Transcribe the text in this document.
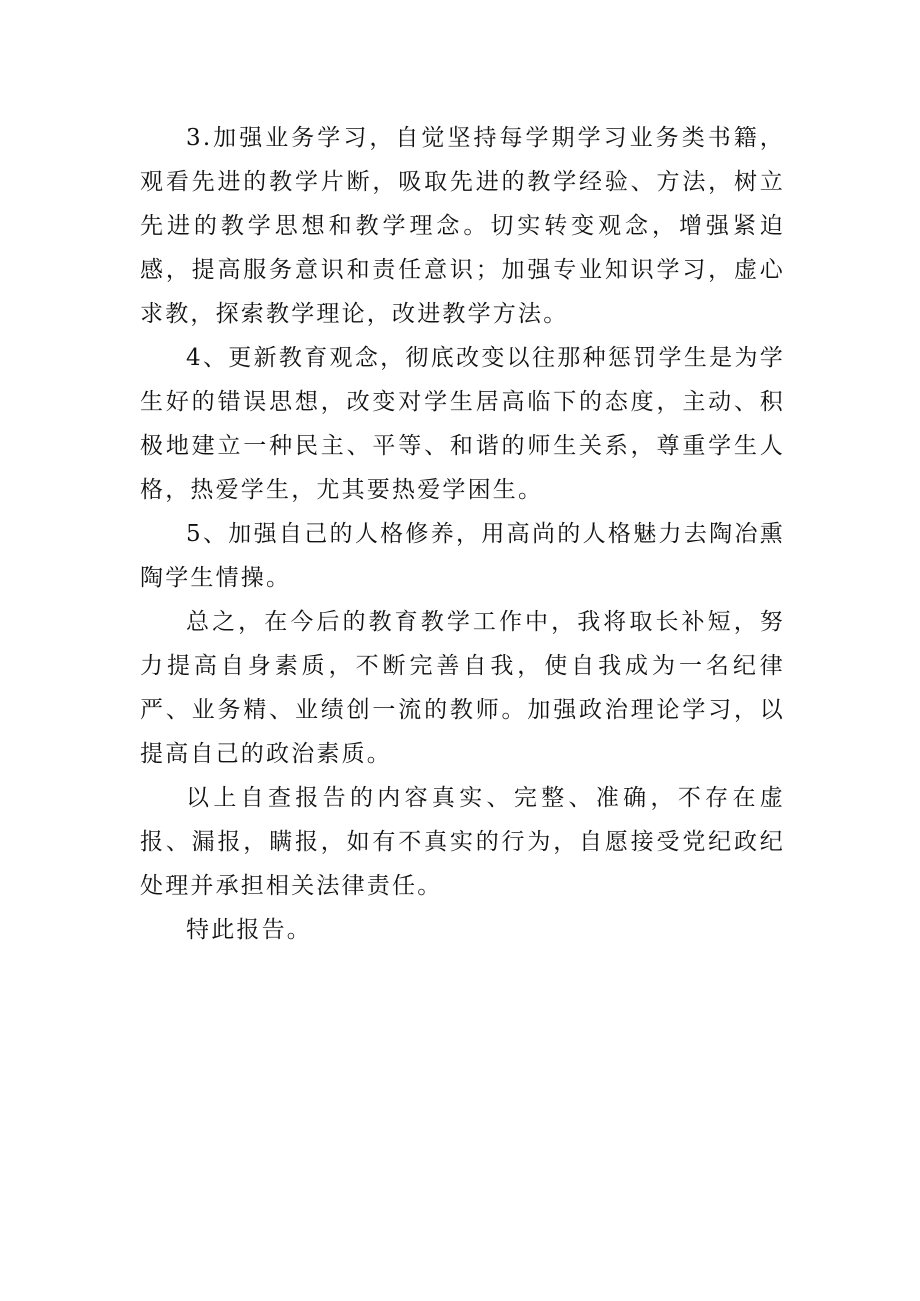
3.加强业务学习，自觉坚持每学期学习业务类书籍，观看先进的教学片断，吸取先进的教学经验、方法，树立先进的教学思想和教学理念。切实转变观念，增强紧迫感，提高服务意识和责任意识；加强专业知识学习，虚心求教，探索教学理论，改进教学方法。

4、更新教育观念，彻底改变以往那种惩罚学生是为学生好的错误思想，改变对学生居高临下的态度，主动、积极地建立一种民主、平等、和谐的师生关系，尊重学生人格，热爱学生，尤其要热爱学困生。

5、加强自己的人格修养，用高尚的人格魅力去陶冶熏陶学生情操。

总之，在今后的教育教学工作中，我将取长补短，努力提高自身素质，不断完善自我，使自我成为一名纪律严、业务精、业绩创一流的教师。加强政治理论学习，以提高自己的政治素质。

以上自查报告的内容真实、完整、准确，不存在虚报、漏报，瞒报，如有不真实的行为，自愿接受党纪政纪处理并承担相关法律责任。

特此报告。
